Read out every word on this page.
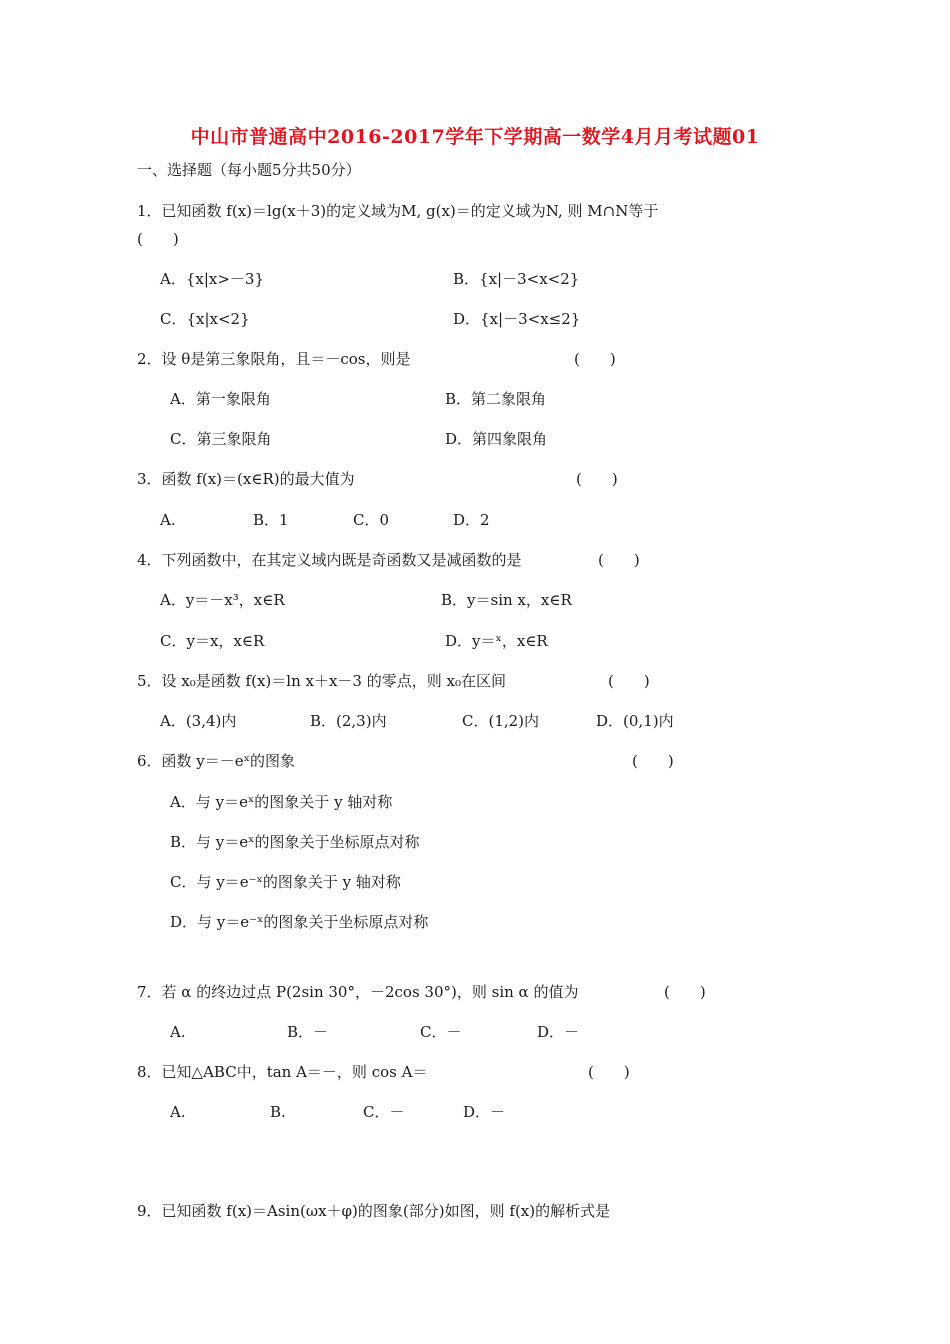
中山市普通高中2016-2017学年下学期高一数学4月月考试题01
一、选择题（每小题5分共50分）
1．已知函数 f(x)＝lg(x＋3)的定义域为M, g(x)＝的定义域为N, 则 M∩N等于
(　　)
A．{x|x>－3}	B．{x|－3<x<2}
C．{x|x<2}	D．{x|－3<x≤2}
2．设 θ是第三象限角，且＝－cos，则是	(　　)
A．第一象限角	B．第二象限角
C．第三象限角	D．第四象限角
3．函数 f(x)＝(x∈R)的最大值为	(　　)
A.	B．1	C．0	D．2
4．下列函数中，在其定义域内既是奇函数又是减函数的是	(　　)
A．y＝－x³，x∈R	B．y＝sin x，x∈R
C．y＝x，x∈R	D．y＝ˣ，x∈R
5．设 x₀是函数 f(x)＝ln x＋x－3 的零点，则 x₀在区间	(　　)
A．(3,4)内	B．(2,3)内	C．(1,2)内	D．(0,1)内
6．函数 y＝－eˣ的图象	(　　)
A．与 y＝eˣ的图象关于 y 轴对称
B．与 y＝eˣ的图象关于坐标原点对称
C．与 y＝e⁻ˣ的图象关于 y 轴对称
D．与 y＝e⁻ˣ的图象关于坐标原点对称
7．若 α 的终边过点 P(2sin 30°，－2cos 30°)，则 sin α 的值为	(　　)
A.	B．－	C．－	D．－
8．已知△ABC中，tan A＝－，则 cos A＝	(　　)
A.	B.	C．－	D．－
9．已知函数 f(x)＝Asin(ωx＋φ)的图象(部分)如图，则 f(x)的解析式是
